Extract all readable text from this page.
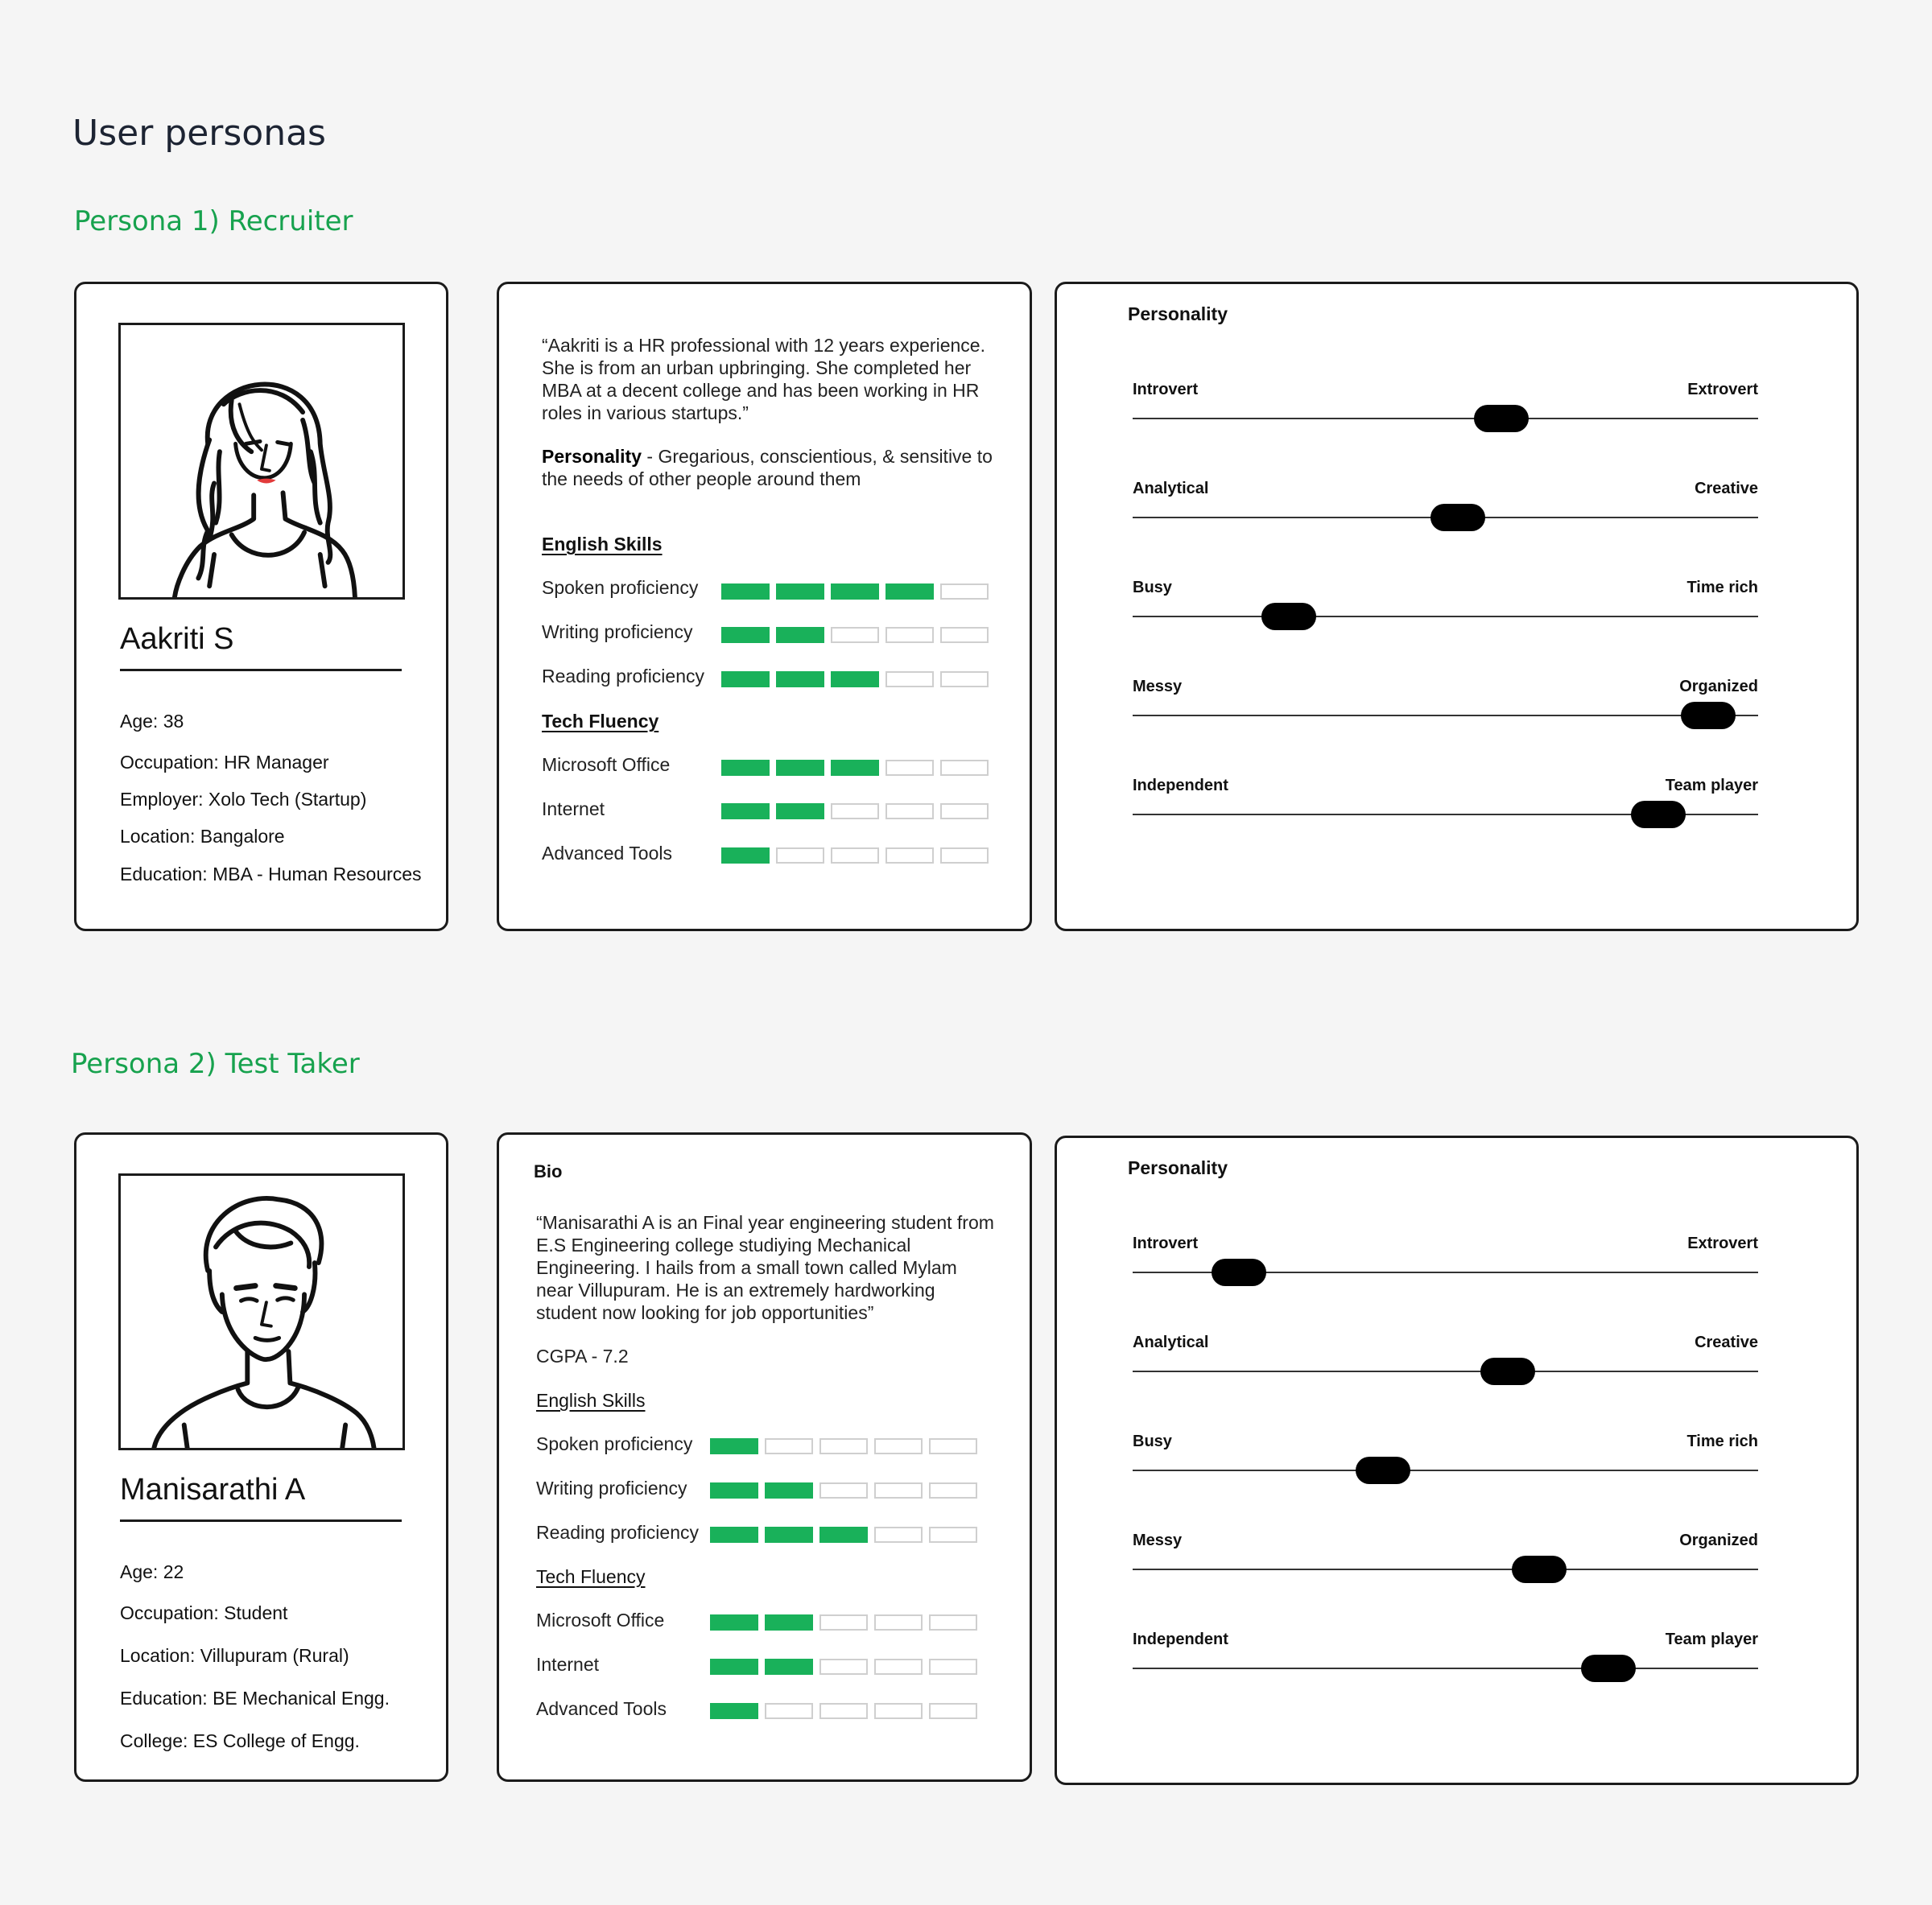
User personas
Persona 1) Recruiter
Aakriti S
Age: 38
Occupation: HR Manager
Employer: Xolo Tech (Startup)
Location: Bangalore
Education: MBA - Human Resources

“Aakriti is a HR professional with 12 years experience. She is from an urban upbringing. She completed her MBA at a decent college and has been working in HR roles in various startups.”

Personality - Gregarious, conscientious, & sensitive to the needs of other people around them

English Skills

Spoken proficiency
Writing proficiency
Reading proficiency

Tech Fluency

Microsoft Office
Internet
Advanced Tools

Personality

Introvert	Extrovert
Analytical	Creative
Busy	Time rich
Messy	Organized
Independent	Team player
Persona 2) Test Taker
Manisarathi A
Age: 22
Occupation: Student
Location: Villupuram (Rural)
Education: BE Mechanical Engg.
College: ES College of Engg.

Bio

“Manisarathi A is an Final year engineering student from E.S Engineering college studiying Mechanical Engineering. I hails from a small town called Mylam near Villupuram. He is an extremely hardworking student now looking for job opportunities”

CGPA - 7.2

English Skills

Spoken proficiency
Writing proficiency
Reading proficiency

Tech Fluency

Microsoft Office
Internet
Advanced Tools

Personality

Introvert	Extrovert
Analytical	Creative
Busy	Time rich
Messy	Organized
Independent	Team player
